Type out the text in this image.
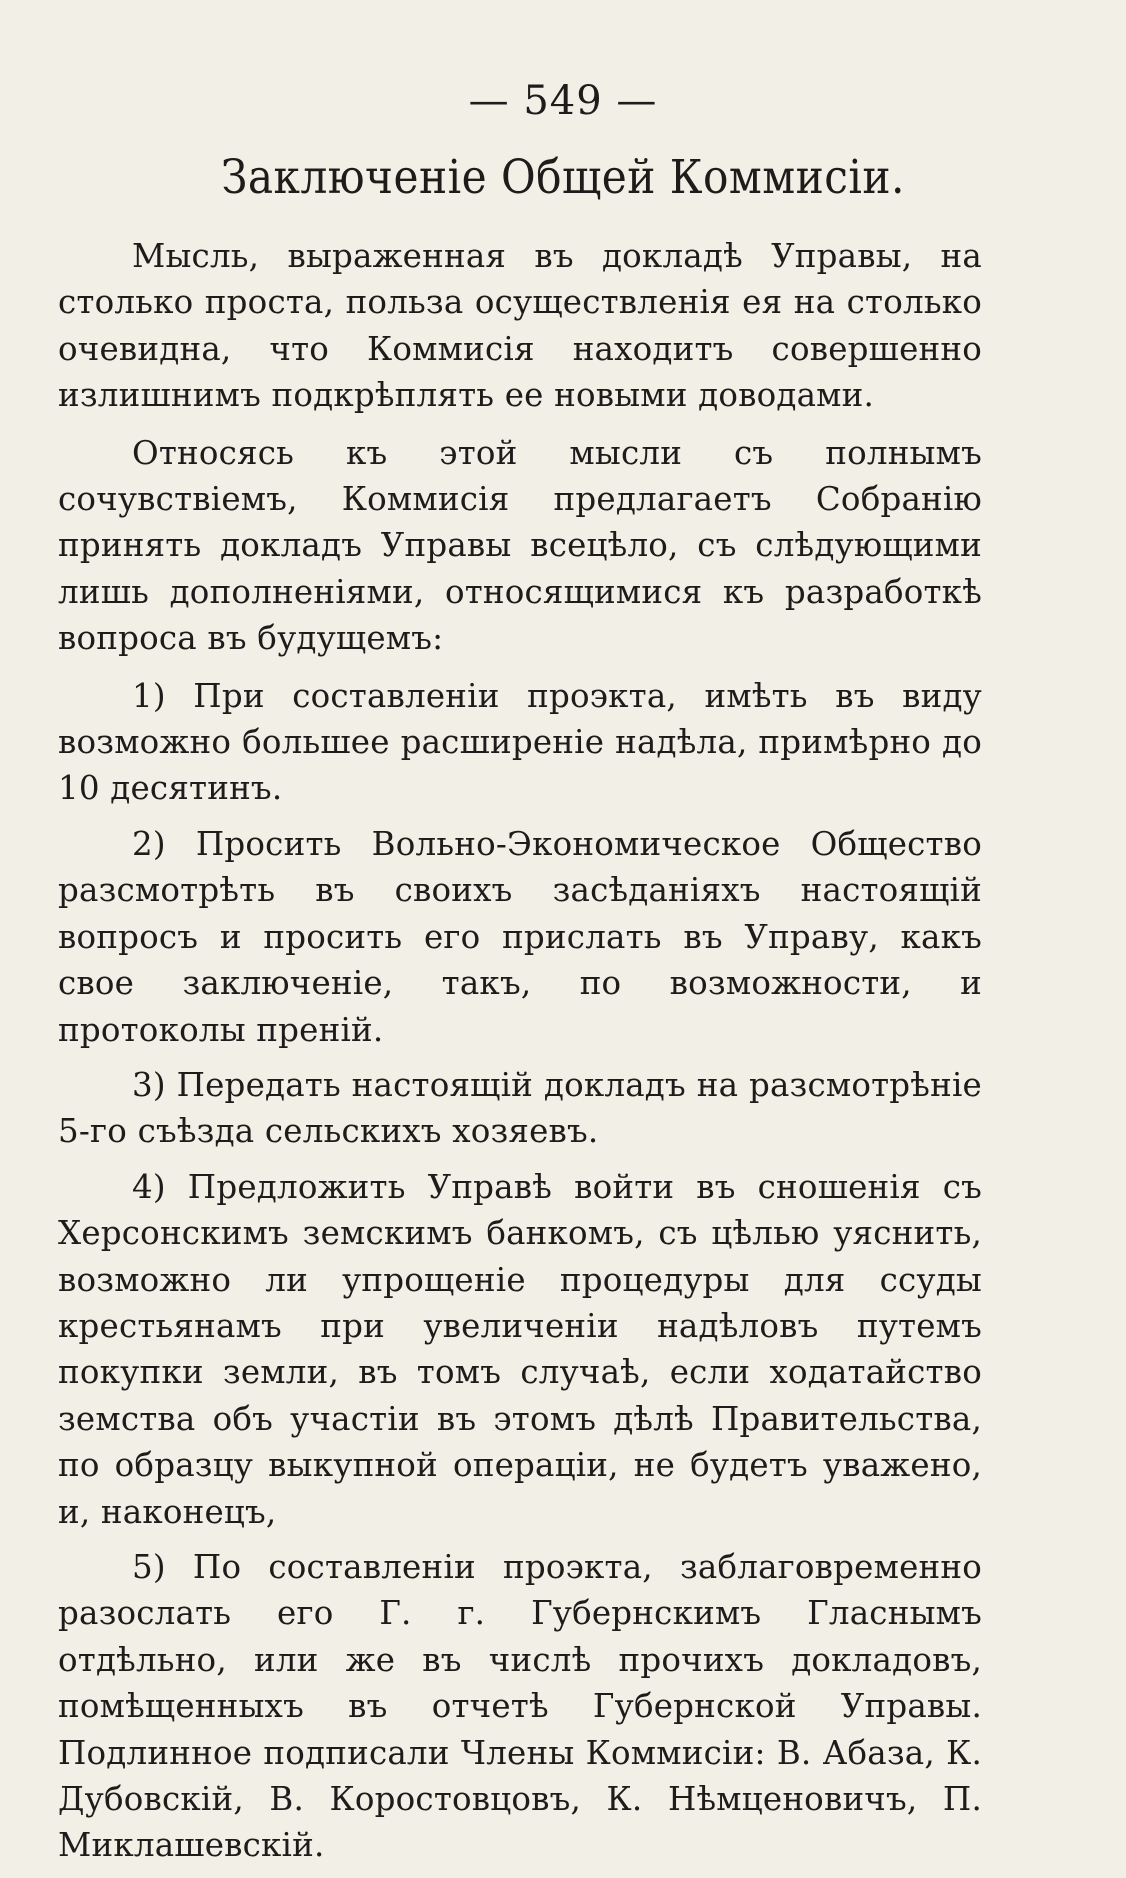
— 549 —
Заключеніе Общей Коммисіи.

Мысль, выраженная въ докладѣ Управы, на столько проста, польза осуществленія ея на столько очевидна, что Коммисія находитъ совершенно излишнимъ подкрѣплять ее новыми доводами.

Относясь къ этой мысли съ полнымъ сочувствіемъ, Коммисія предлагаетъ Собранію принять докладъ Управы всецѣло, съ слѣдующими лишь дополненіями, относящимися къ разработкѣ вопроса въ будущемъ:

1) При составленіи проэкта, имѣть въ виду возможно большее расширеніе надѣла, примѣрно до 10 десятинъ.

2) Просить Вольно-Экономическое Общество разсмотрѣть въ своихъ засѣданіяхъ настоящій вопросъ и просить его прислать въ Управу, какъ свое заключеніе, такъ, по возможности, и протоколы преній.

3) Передать настоящій докладъ на разсмотрѣніе 5-го съѣзда сельскихъ хозяевъ.

4) Предложить Управѣ войти въ сношенія съ Херсонскимъ земскимъ банкомъ, съ цѣлью уяснить, возможно ли упрощеніе процедуры для ссуды крестьянамъ при увеличеніи надѣловъ путемъ покупки земли, въ томъ случаѣ, если ходатайство земства объ участіи въ этомъ дѣлѣ Правительства, по образцу выкупной операціи, не будетъ уважено, и, наконецъ,

5) По составленіи проэкта, заблаговременно разослать его Г. г. Губернскимъ Гласнымъ отдѣльно, или же въ числѣ прочихъ докладовъ, помѣщенныхъ въ отчетѣ Губернской Управы. Подлинное подписали Члены Коммисіи: В. Абаза, К. Дубовскій, В. Коростовцовъ, К. Нѣмценовичъ, П. Миклашевскій.
